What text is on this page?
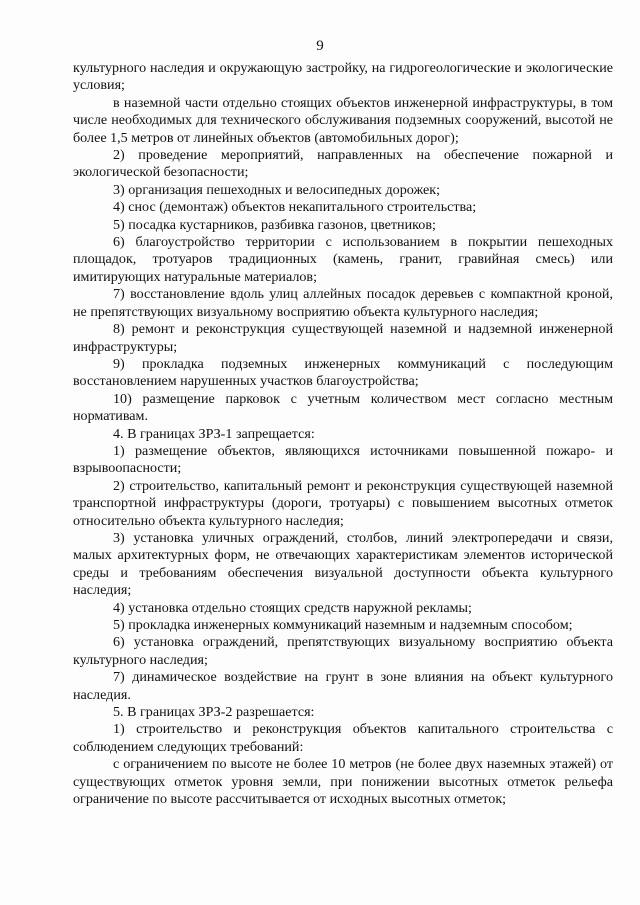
9

культурного наследия и окружающую застройку, на гидрогеологические и экологические условия;

в наземной части отдельно стоящих объектов инженерной инфраструктуры, в том числе необходимых для технического обслуживания подземных сооружений, высотой не более 1,5 метров от линейных объектов (автомобильных дорог);

2) проведение мероприятий, направленных на обеспечение пожарной и экологической безопасности;

3) организация пешеходных и велосипедных дорожек;

4) снос (демонтаж) объектов некапитального строительства;

5) посадка кустарников, разбивка газонов, цветников;

6) благоустройство территории с использованием в покрытии пешеходных площадок, тротуаров традиционных (камень, гранит, гравийная смесь) или имитирующих натуральные материалов;

7) восстановление вдоль улиц аллейных посадок деревьев с компактной кроной, не препятствующих визуальному восприятию объекта культурного наследия;

8) ремонт и реконструкция существующей наземной и надземной инженерной инфраструктуры;

9) прокладка подземных инженерных коммуникаций с последующим восстановлением нарушенных участков благоустройства;

10) размещение парковок с учетным количеством мест согласно местным нормативам.

4. В границах ЗРЗ-1 запрещается:

1) размещение объектов, являющихся источниками повышенной пожаро- и взрывоопасности;

2) строительство, капитальный ремонт и реконструкция существующей наземной транспортной инфраструктуры (дороги, тротуары) с повышением высотных отметок относительно объекта культурного наследия;

3) установка уличных ограждений, столбов, линий электропередачи и связи, малых архитектурных форм, не отвечающих характеристикам элементов исторической среды и требованиям обеспечения визуальной доступности объекта культурного наследия;

4) установка отдельно стоящих средств наружной рекламы;

5) прокладка инженерных коммуникаций наземным и надземным способом;

6) установка ограждений, препятствующих визуальному восприятию объекта культурного наследия;

7) динамическое воздействие на грунт в зоне влияния на объект культурного наследия.

5. В границах ЗРЗ-2 разрешается:

1) строительство и реконструкция объектов капитального строительства с соблюдением следующих требований:

с ограничением по высоте не более 10 метров (не более двух наземных этажей) от существующих отметок уровня земли, при понижении высотных отметок рельефа ограничение по высоте рассчитывается от исходных высотных отметок;
